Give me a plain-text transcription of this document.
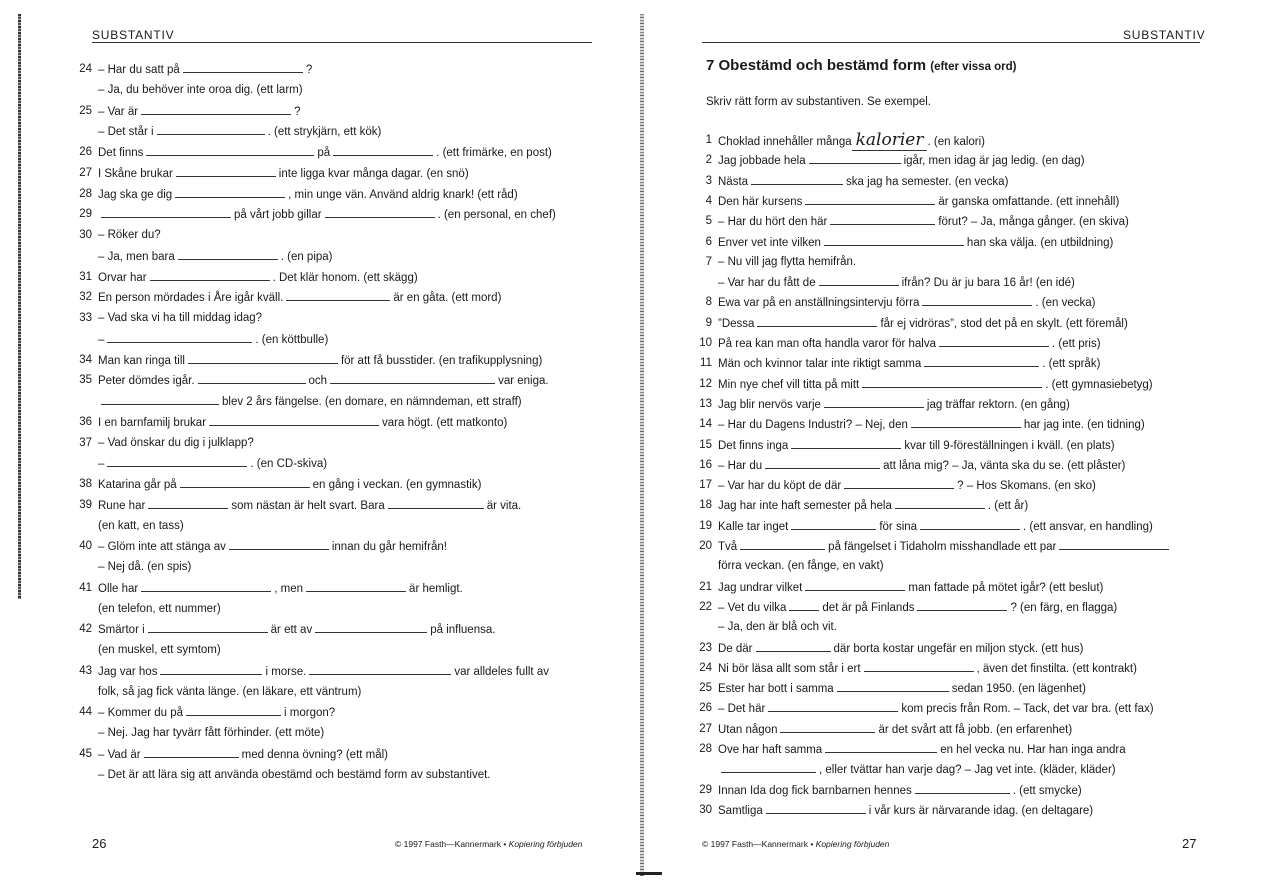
SUBSTANTIV
24 – Har du satt på	?
– Ja, du behöver inte oroa dig. (ett larm)
25 – Var är	?
– Det står i	. (ett strykjärn, ett kök)
26 Det finns	på	. (ett frimärke, en post)
27 I Skåne brukar	inte ligga kvar många dagar. (en snö)
28 Jag ska ge dig	, min unge vän. Använd aldrig knark! (ett råd)
29	på vårt jobb gillar	. (en personal, en chef)
30 – Röker du?
– Ja, men bara	. (en pipa)
31 Orvar har	. Det klär honom. (ett skägg)
32 En person mördades i Åre igår kväll.	är en gåta. (ett mord)
33 – Vad ska vi ha till middag idag?
–	. (en köttbulle)
34 Man kan ringa till	för att få busstider. (en trafikupplysning)
35 Peter dömdes igår.	och	var eniga.
blev 2 års fängelse. (en domare, en nämndeman, ett straff)
36 I en barnfamilj brukar	vara högt. (ett matkonto)
37 – Vad önskar du dig i julklapp?
–	. (en CD-skiva)
38 Katarina går på	en gång i veckan. (en gymnastik)
39 Rune har	som nästan är helt svart. Bara	är vita.
(en katt, en tass)
40 – Glöm inte att stänga av	innan du går hemifrån!
– Nej då. (en spis)
41 Olle har	, men	är hemligt.
(en telefon, ett nummer)
42 Smärtor i	är ett av	på influensa.
(en muskel, ett symtom)
43 Jag var hos	i morse.	var alldeles fullt av
folk, så jag fick vänta länge. (en läkare, ett väntrum)
44 – Kommer du på	i morgon?
– Nej. Jag har tyvärr fått förhinder. (ett möte)
45 – Vad är	med denna övning? (ett mål)
– Det är att lära sig att använda obestämd och bestämd form av substantivet.
26	© 1997 Fasth—Kannermark • Kopiering förbjuden
SUBSTANTIV
7 Obestämd och bestämd form (efter vissa ord)
Skriv rätt form av substantiven. Se exempel.
1 Choklad innehåller många kalorier . (en kalori)
2 Jag jobbade hela	igår, men idag är jag ledig. (en dag)
3 Nästa	ska jag ha semester. (en vecka)
4 Den här kursens	är ganska omfattande. (ett innehåll)
5 – Har du hört den här	förut? – Ja, många gånger. (en skiva)
6 Enver vet inte vilken	han ska välja. (en utbildning)
7 – Nu vill jag flytta hemifrån.
– Var har du fått de	ifrån? Du är ju bara 16 år! (en idé)
8 Ewa var på en anställningsintervju förra	. (en vecka)
9 ”Dessa	får ej vidröras”, stod det på en skylt. (ett föremål)
10 På rea kan man ofta handla varor för halva	. (ett pris)
11 Män och kvinnor talar inte riktigt samma	. (ett språk)
12 Min nye chef vill titta på mitt	. (ett gymnasiebetyg)
13 Jag blir nervös varje	jag träffar rektorn. (en gång)
14 – Har du Dagens Industri? – Nej, den	har jag inte. (en tidning)
15 Det finns inga	kvar till 9-föreställningen i kväll. (en plats)
16 – Har du	att låna mig? – Ja, vänta ska du se. (ett plåster)
17 – Var har du köpt de där	? – Hos Skomans. (en sko)
18 Jag har inte haft semester på hela	. (ett år)
19 Kalle tar inget	för sina	. (ett ansvar, en handling)
20 Två	på fängelset i Tidaholm misshandlade ett par
förra veckan. (en fånge, en vakt)
21 Jag undrar vilket	man fattade på mötet igår? (ett beslut)
22 – Vet du vilka	det är på Finlands	? (en färg, en flagga)
– Ja, den är blå och vit.
23 De där	där borta kostar ungefär en miljon styck. (ett hus)
24 Ni bör läsa allt som står i ert	, även det finstilta. (ett kontrakt)
25 Ester har bott i samma	sedan 1950. (en lägenhet)
26 – Det här	kom precis från Rom. – Tack, det var bra. (ett fax)
27 Utan någon	är det svårt att få jobb. (en erfarenhet)
28 Ove har haft samma	en hel vecka nu. Har han inga andra
, eller tvättar han varje dag? – Jag vet inte. (kläder, kläder)
29 Innan Ida dog fick barnbarnen hennes	. (ett smycke)
30 Samtliga	i vår kurs är närvarande idag. (en deltagare)
© 1997 Fasth—Kannermark • Kopiering förbjuden	27
